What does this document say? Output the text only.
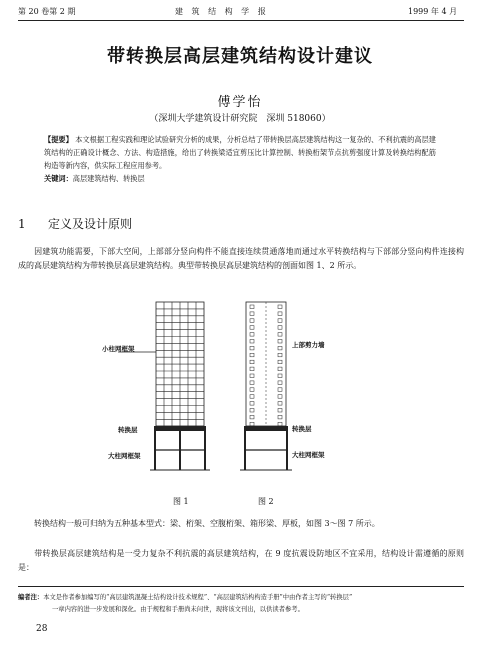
第 20 卷第 2 期	建 筑 结 构 学 报	1999 年 4 月
带转换层高层建筑结构设计建议
傅学怡
（深圳大学建筑设计研究院　深圳 518060）
【提要】 本文根据工程实践和理论试验研究分析的成果，分析总结了带转换层高层建筑结构这一复杂的、不利抗震的高层建筑结构的正确设计概念、方法、构造措施，给出了转换梁适宜剪压比计算控制、转换桁架节点抗剪强度计算及转换结构配筋构造等新内容，供实际工程应用参考。
关键词：高层建筑结构、转换层
1 定义及设计原则
因建筑功能需要，下部大空间，上部部分竖向构件不能直接连续贯通落地而通过水平转换结构与下部部分竖向构件连接构成的高层建筑结构为带转换层高层建筑结构。典型带转换层高层建筑结构的剖面如图 1、2 所示。
小柱网框架
转换层
大柱网框架
图 1
上部剪力墙
转换层
大柱网框架
图 2
转换结构一般可归纳为五种基本型式：梁、桁架、空腹桁架、箱形梁、厚板，如图 3～图 7 所示。
带转换层高层建筑结构是一受力复杂不利抗震的高层建筑结构，在 9 度抗震设防地区不宜采用，结构设计需遵循的原则是：
编者注：本文是作者参加编写的“高层建筑混凝土结构设计技术规程”、“高层建筑结构构造手册”中由作者主写的“转换层”
一章内容的进一步发展和深化。由于规程和手册尚未问世，现将该文刊出，以供读者参考。
28
